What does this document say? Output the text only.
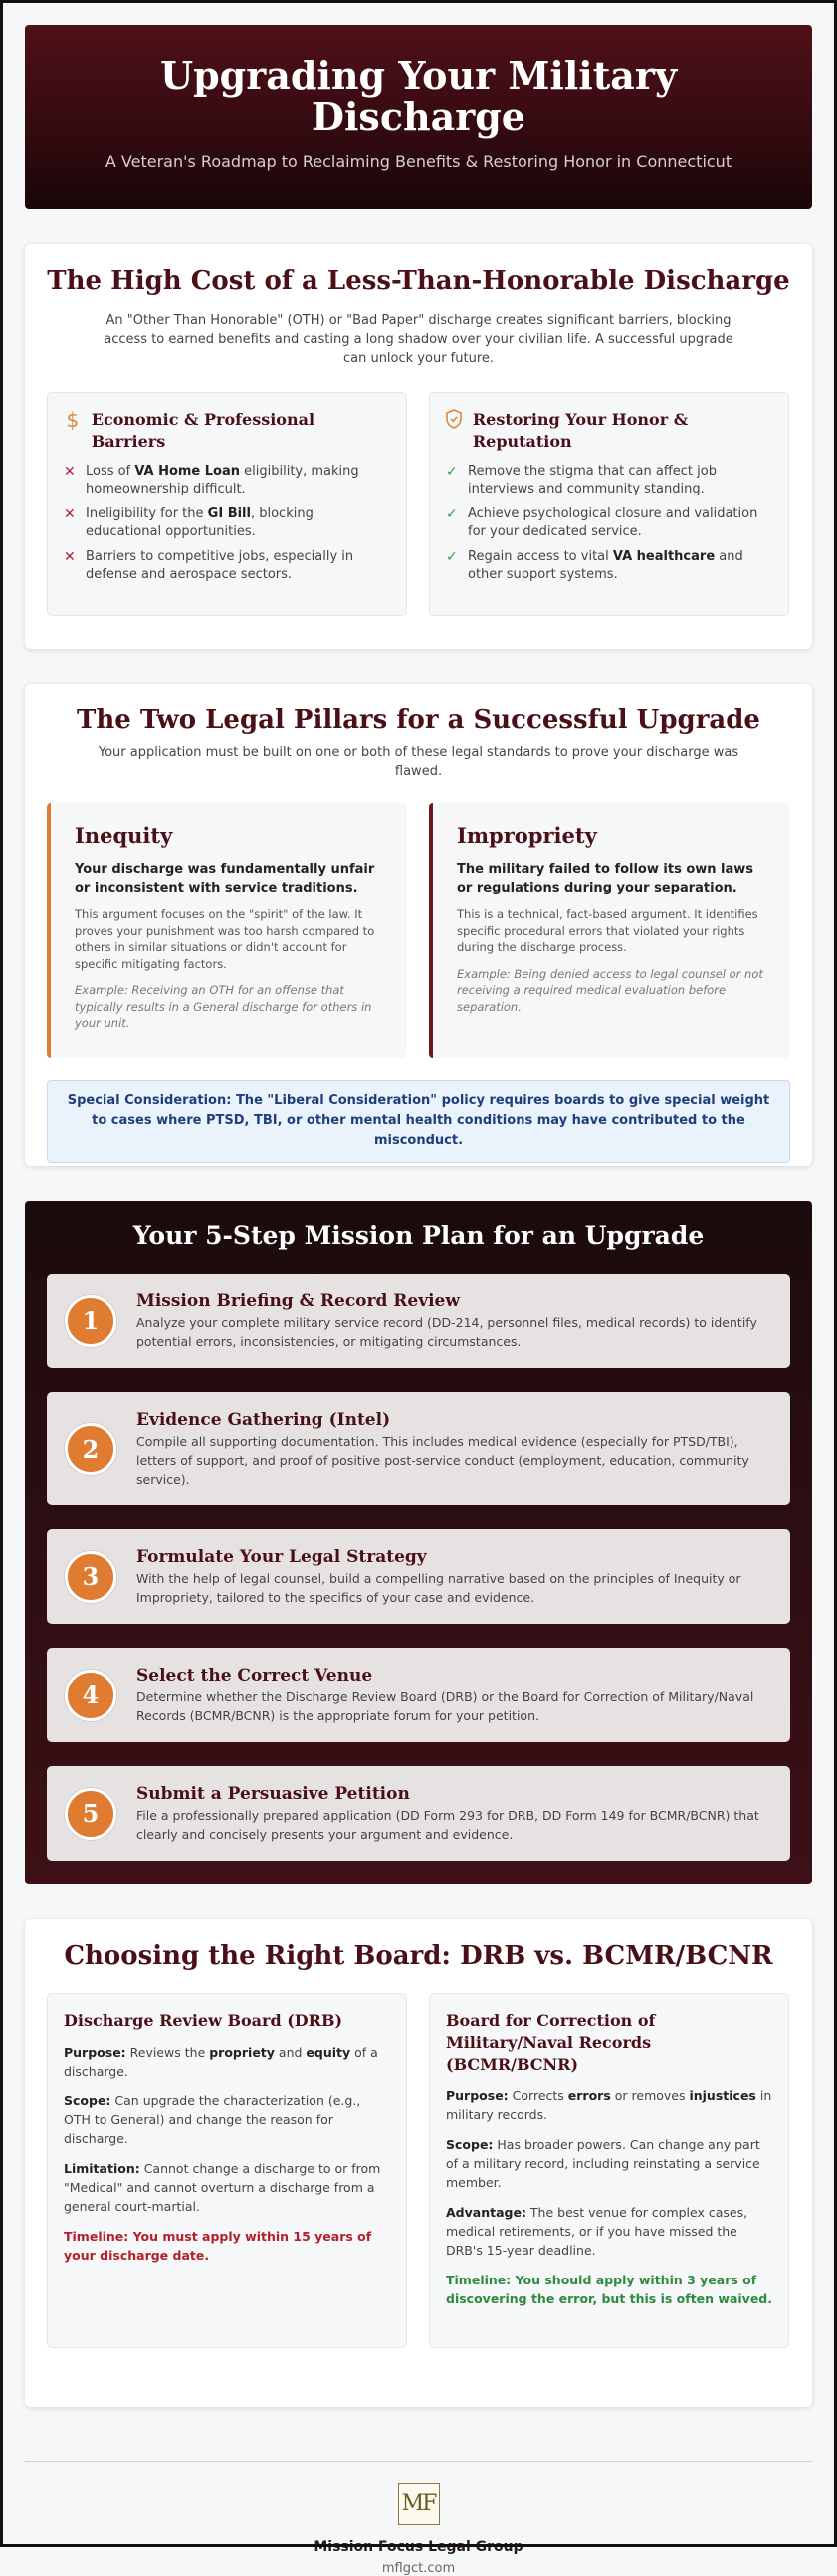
Upgrading Your Military Discharge

A Veteran's Roadmap to Reclaiming Benefits & Restoring Honor in Connecticut

The High Cost of a Less-Than-Honorable Discharge

An "Other Than Honorable" (OTH) or "Bad Paper" discharge creates significant barriers, blocking access to earned benefits and casting a long shadow over your civilian life. A successful upgrade can unlock your future.

$ Economic & Professional Barriers
✕ Loss of VA Home Loan eligibility, making homeownership difficult.
✕ Ineligibility for the GI Bill, blocking educational opportunities.
✕ Barriers to competitive jobs, especially in defense and aerospace sectors.
Restoring Your Honor & Reputation
✓ Remove the stigma that can affect job interviews and community standing.
✓ Achieve psychological closure and validation for your dedicated service.
✓ Regain access to vital VA healthcare and other support systems.
The Two Legal Pillars for a Successful Upgrade

Your application must be built on one or both of these legal standards to prove your discharge was flawed.

Inequity

Your discharge was fundamentally unfair or inconsistent with service traditions.

This argument focuses on the "spirit" of the law. It proves your punishment was too harsh compared to others in similar situations or didn't account for specific mitigating factors.

Example: Receiving an OTH for an offense that typically results in a General discharge for others in your unit.

Impropriety

The military failed to follow its own laws or regulations during your separation.

This is a technical, fact-based argument. It identifies specific procedural errors that violated your rights during the discharge process.

Example: Being denied access to legal counsel or not receiving a required medical evaluation before separation.

Special Consideration: The "Liberal Consideration" policy requires boards to give special weight to cases where PTSD, TBI, or other mental health conditions may have contributed to the misconduct.
Your 5-Step Mission Plan for an Upgrade
1
Mission Briefing & Record Review

Analyze your complete military service record (DD-214, personnel files, medical records) to identify potential errors, inconsistencies, or mitigating circumstances.

2
Evidence Gathering (Intel)

Compile all supporting documentation. This includes medical evidence (especially for PTSD/TBI), letters of support, and proof of positive post-service conduct (employment, education, community service).

3
Formulate Your Legal Strategy

With the help of legal counsel, build a compelling narrative based on the principles of Inequity or Impropriety, tailored to the specifics of your case and evidence.

4
Select the Correct Venue

Determine whether the Discharge Review Board (DRB) or the Board for Correction of Military/Naval Records (BCMR/BCNR) is the appropriate forum for your petition.

5
Submit a Persuasive Petition

File a professionally prepared application (DD Form 293 for DRB, DD Form 149 for BCMR/BCNR) that clearly and concisely presents your argument and evidence.

Choosing the Right Board: DRB vs. BCMR/BCNR
Discharge Review Board (DRB)

Purpose: Reviews the propriety and equity of a discharge.

Scope: Can upgrade the characterization (e.g., OTH to General) and change the reason for discharge.

Limitation: Cannot change a discharge to or from "Medical" and cannot overturn a discharge from a general court-martial.

Timeline: You must apply within 15 years of your discharge date.

Board for Correction of Military/Naval Records (BCMR/BCNR)

Purpose: Corrects errors or removes injustices in military records.

Scope: Has broader powers. Can change any part of a military record, including reinstating a service member.

Advantage: The best venue for complex cases, medical retirements, or if you have missed the DRB's 15-year deadline.

Timeline: You should apply within 3 years of discovering the error, but this is often waived.

MF

Mission Focus Legal Group

mflgct.com
